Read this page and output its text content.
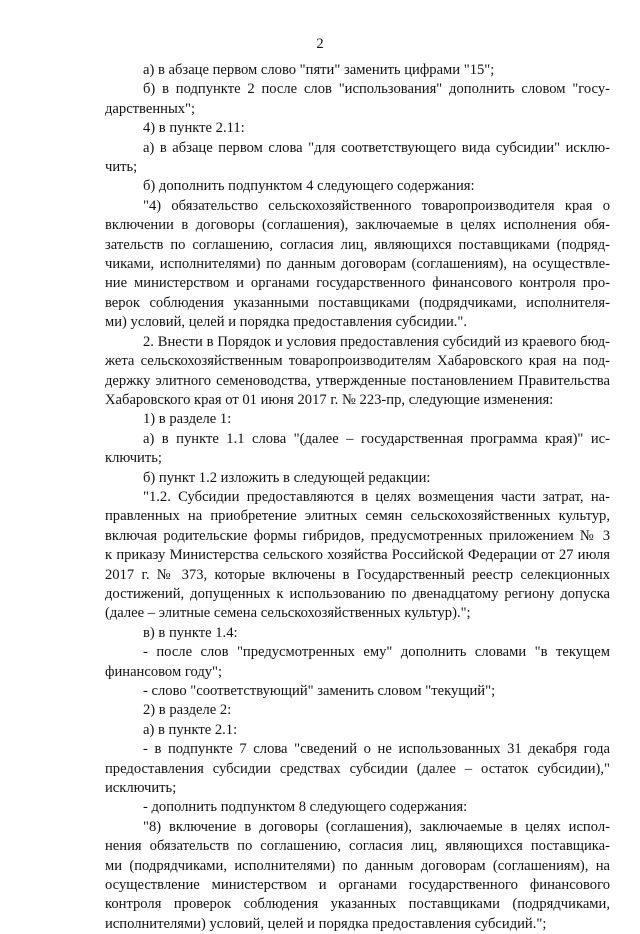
2

а) в абзаце первом слово "пяти" заменить цифрами "15";

б) в подпункте 2 после слов "использования" дополнить словом "госу-

дарственных";

4) в пункте 2.11:

а) в абзаце первом слова "для соответствующего вида субсидии" исклю-

чить;

б) дополнить подпунктом 4 следующего содержания:

"4) обязательство сельскохозяйственного товаропроизводителя края о

включении в договоры (соглашения), заключаемые в целях исполнения обя-

зательств по соглашению, согласия лиц, являющихся поставщиками (подряд-

чиками, исполнителями) по данным договорам (соглашениям), на осуществле-

ние министерством и органами государственного финансового контроля про-

верок соблюдения указанными поставщиками (подрядчиками, исполнителя-

ми) условий, целей и порядка предоставления субсидии.".

2. Внести в Порядок и условия предоставления субсидий из краевого бюд-

жета сельскохозяйственным товаропроизводителям Хабаровского края на под-

держку элитного семеноводства, утвержденные постановлением Правительства

Хабаровского края от 01 июня 2017 г. № 223-пр, следующие изменения:

1) в разделе 1:

а) в пункте 1.1 слова "(далее – государственная программа края)" ис-

ключить;

б) пункт 1.2 изложить в следующей редакции:

"1.2. Субсидии предоставляются в целях возмещения части затрат, на-

правленных на приобретение элитных семян сельскохозяйственных культур,

включая родительские формы гибридов, предусмотренных приложением № 3

к приказу Министерства сельского хозяйства Российской Федерации от 27 июля

2017 г. № 373, которые включены в Государственный реестр селекционных

достижений, допущенных к использованию по двенадцатому региону допуска

(далее – элитные семена сельскохозяйственных культур).";

в) в пункте 1.4:

- после слов "предусмотренных ему" дополнить словами "в текущем

финансовом году";

- слово "соответствующий" заменить словом "текущий";

2) в разделе 2:

а) в пункте 2.1:

- в подпункте 7 слова "сведений о не использованных 31 декабря года

предоставления субсидии средствах субсидии (далее – остаток субсидии),"

исключить;

- дополнить подпунктом 8 следующего содержания:

"8) включение в договоры (соглашения), заключаемые в целях испол-

нения обязательств по соглашению, согласия лиц, являющихся поставщика-

ми (подрядчиками, исполнителями) по данным договорам (соглашениям), на

осуществление министерством и органами государственного финансового

контроля проверок соблюдения указанных поставщиками (подрядчиками,

исполнителями) условий, целей и порядка предоставления субсидий.";
